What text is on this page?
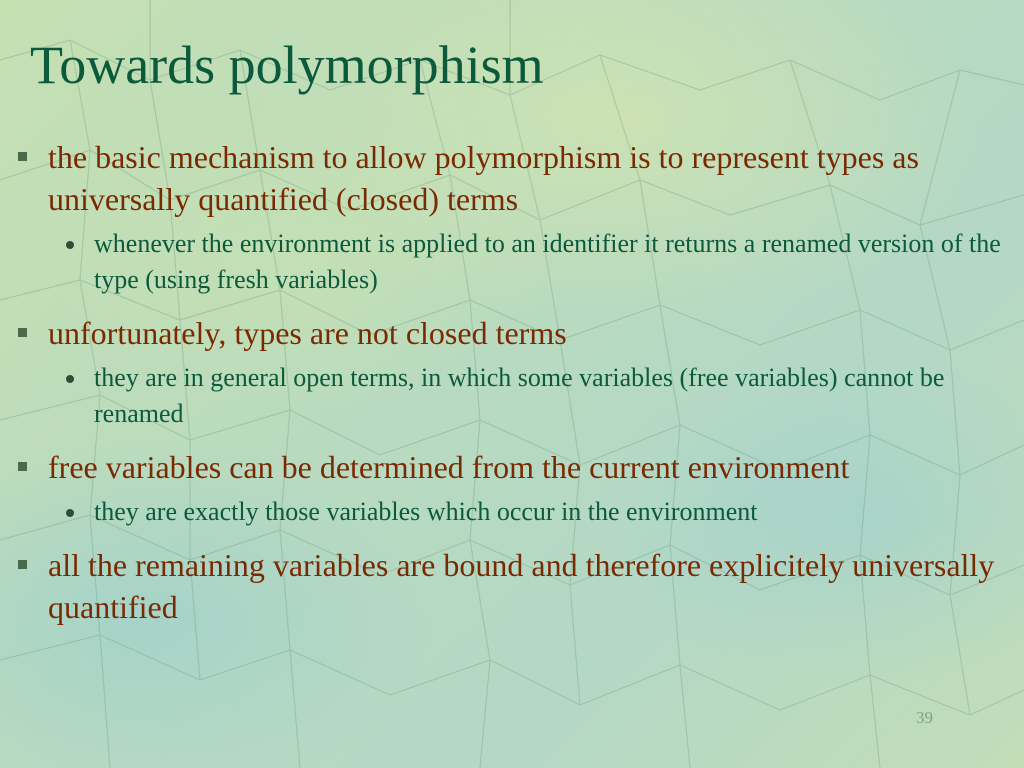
Towards polymorphism
the basic mechanism to allow polymorphism is to represent types as universally quantified (closed) terms
whenever the environment is applied to an identifier it returns a renamed version of the type (using fresh variables)
unfortunately, types are not closed terms
they are in general open terms, in which some variables (free variables) cannot be renamed
free variables can be determined from the current environment
they are exactly those variables which occur in the environment
all the remaining variables are bound and therefore explicitely universally quantified
39
